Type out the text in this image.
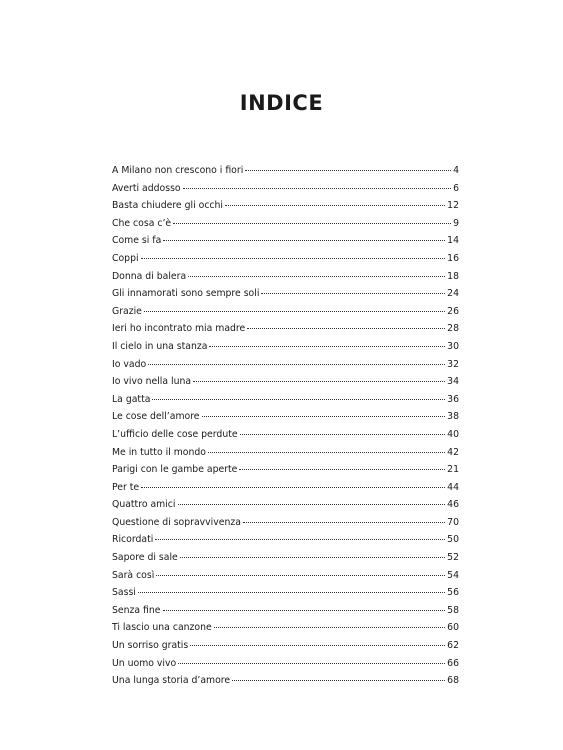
INDICE
A Milano non crescono i fiori	4
Averti addosso	6
Basta chiudere gli occhi	12
Che cosa c’è	9
Come si fa	14
Coppi	16
Donna di balera	18
Gli innamorati sono sempre soli	24
Grazie	26
Ieri ho incontrato mia madre	28
Il cielo in una stanza	30
Io vado	32
Io vivo nella luna	34
La gatta	36
Le cose dell’amore	38
L’ufficio delle cose perdute	40
Me in tutto il mondo	42
Parigi con le gambe aperte	21
Per te	44
Quattro amici	46
Questione di sopravvivenza	70
Ricordati	50
Sapore di sale	52
Sarà così	54
Sassi	56
Senza fine	58
Ti lascio una canzone	60
Un sorriso gratis	62
Un uomo vivo	66
Una lunga storia d’amore	68
